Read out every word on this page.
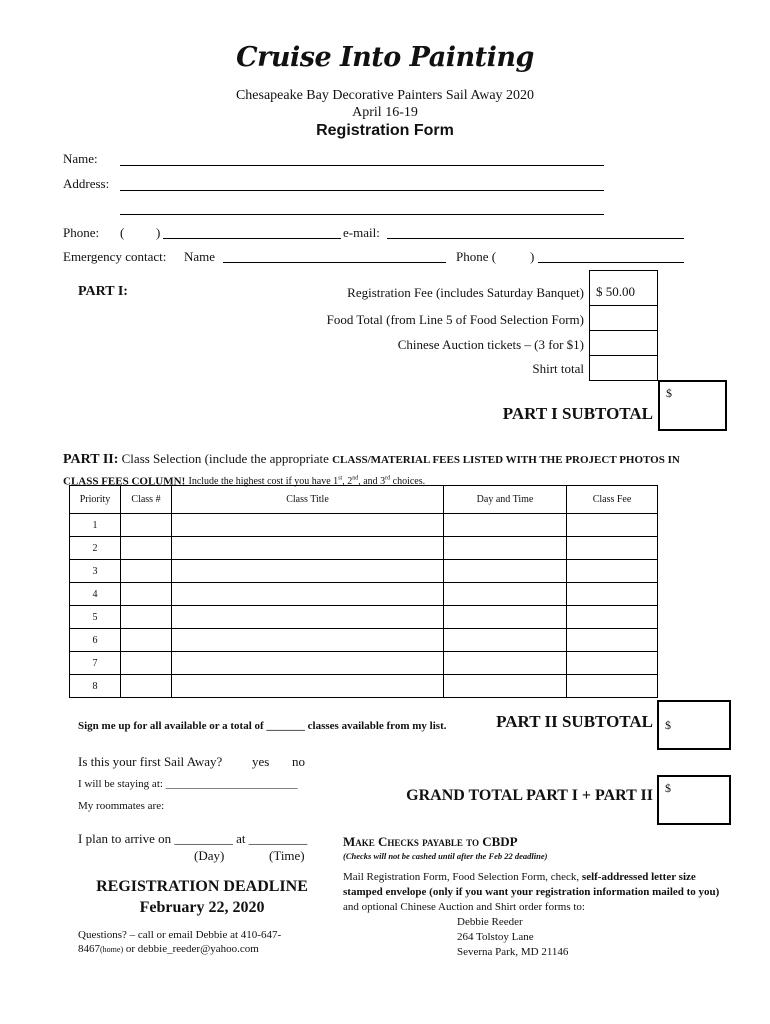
Cruise Into Painting
Chesapeake Bay Decorative Painters Sail Away 2020
April 16-19
Registration Form
Name:
Address:
Phone: ( )	e-mail:
Emergency contact: Name	Phone (	)
PART I:	Registration Fee (includes Saturday Banquet) $ 50.00
Food Total (from Line 5 of Food Selection Form)
Chinese Auction tickets – (3 for $1)
Shirt total
PART I SUBTOTAL
$
PART II: Class Selection (include the appropriate CLASS/MATERIAL FEES LISTED WITH THE PROJECT PHOTOS IN CLASS FEES COLUMN! Include the highest cost if you have 1st, 2nd, and 3rd choices.
Priority	Class #	Class Title	Day and Time	Class Fee
1				
2				
3				
4				
5				
6				
7				
8				
Sign me up for all available or a total of _______ classes available from my list.	PART II SUBTOTAL	$
Is this your first Sail Away? yes no
I will be staying at: ________________________
My roommates are:
I plan to arrive on _________ at _________
(Day)	(Time)
GRAND TOTAL PART I + PART II	$
REGISTRATION DEADLINE
February 22, 2020
Questions? – call or email Debbie at 410-647-
8467(home) or debbie_reeder@yahoo.com
Make Checks payable to CBDP
(Checks will not be cashed until after the Feb 22 deadline)
Mail Registration Form, Food Selection Form, check, self-addressed letter size stamped envelope (only if you want your registration information mailed to you) and optional Chinese Auction and Shirt order forms to:
Debbie Reeder
264 Tolstoy Lane
Severna Park, MD 21146
